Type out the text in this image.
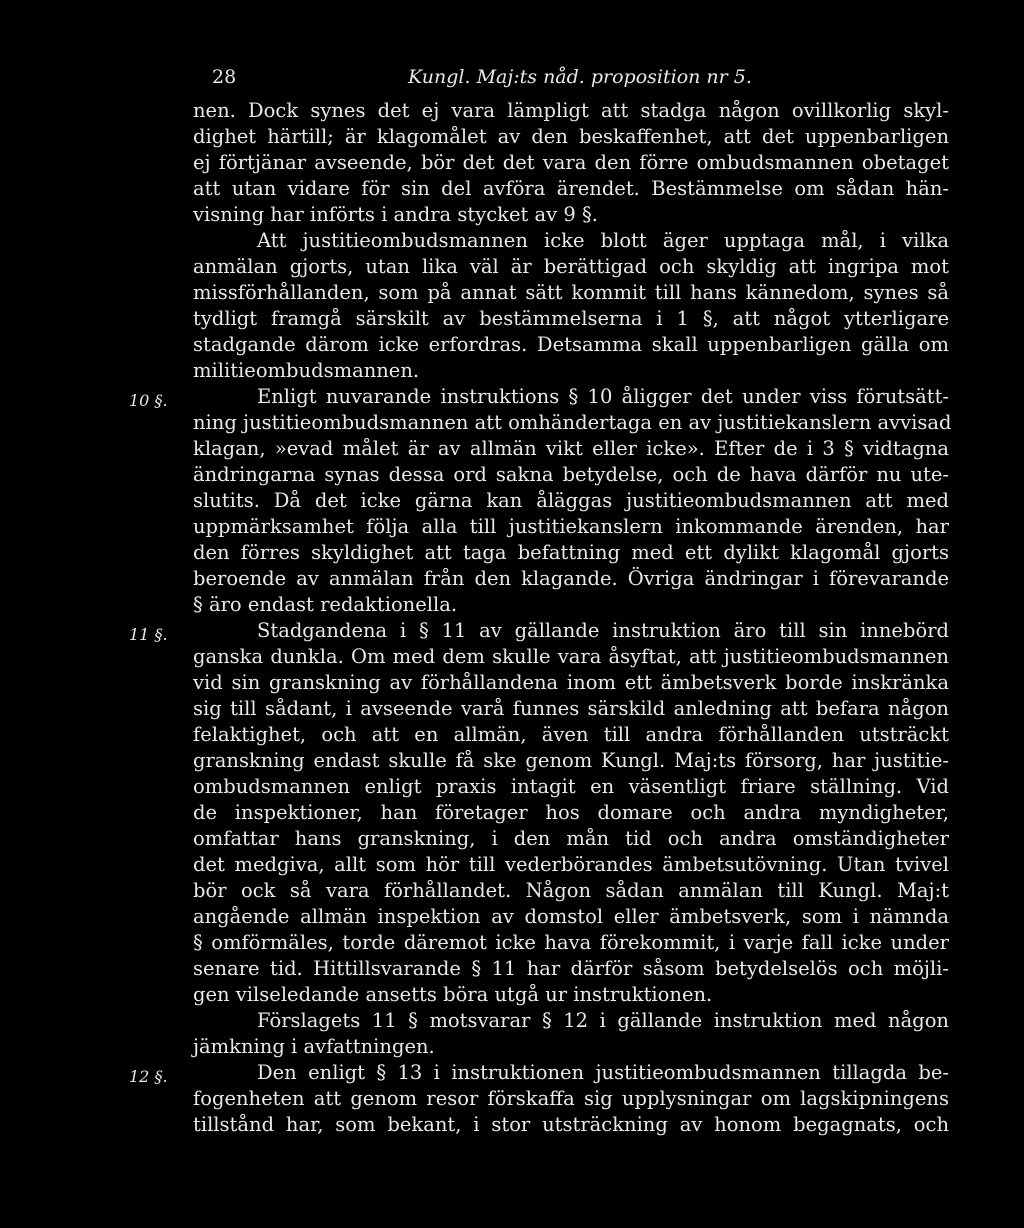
28	Kungl. Maj:ts nåd. proposition nr 5.
nen. Dock synes det ej vara lämpligt att stadga någon ovillkorlig skyl-
dighet härtill; är klagomålet av den beskaffenhet, att det uppenbarligen
ej förtjänar avseende, bör det det vara den förre ombudsmannen obetaget
att utan vidare för sin del avföra ärendet. Bestämmelse om sådan hän-
visning har införts i andra stycket av 9 §.
Att justitieombudsmannen icke blott äger upptaga mål, i vilka
anmälan gjorts, utan lika väl är berättigad och skyldig att ingripa mot
missförhållanden, som på annat sätt kommit till hans kännedom, synes så
tydligt framgå särskilt av bestämmelserna i 1 §, att något ytterligare
stadgande därom icke erfordras. Detsamma skall uppenbarligen gälla om
militieombudsmannen.
Enligt nuvarande instruktions § 10 åligger det under viss förutsätt-
ning justitieombudsmannen att omhändertaga en av justitiekanslern avvisad
klagan, »evad målet är av allmän vikt eller icke». Efter de i 3 § vidtagna
ändringarna synas dessa ord sakna betydelse, och de hava därför nu ute-
slutits. Då det icke gärna kan åläggas justitieombudsmannen att med
uppmärksamhet följa alla till justitiekanslern inkommande ärenden, har
den förres skyldighet att taga befattning med ett dylikt klagomål gjorts
beroende av anmälan från den klagande. Övriga ändringar i förevarande
§ äro endast redaktionella.
Stadgandena i § 11 av gällande instruktion äro till sin innebörd
ganska dunkla. Om med dem skulle vara åsyftat, att justitieombudsmannen
vid sin granskning av förhållandena inom ett ämbetsverk borde inskränka
sig till sådant, i avseende varå funnes särskild anledning att befara någon
felaktighet, och att en allmän, även till andra förhållanden utsträckt
granskning endast skulle få ske genom Kungl. Maj:ts försorg, har justitie-
ombudsmannen enligt praxis intagit en väsentligt friare ställning. Vid
de inspektioner, han företager hos domare och andra myndigheter,
omfattar hans granskning, i den mån tid och andra omständigheter
det medgiva, allt som hör till vederbörandes ämbetsutövning. Utan tvivel
bör ock så vara förhållandet. Någon sådan anmälan till Kungl. Maj:t
angående allmän inspektion av domstol eller ämbetsverk, som i nämnda
§ omförmäles, torde däremot icke hava förekommit, i varje fall icke under
senare tid. Hittillsvarande § 11 har därför såsom betydelselös och möjli-
gen vilseledande ansetts böra utgå ur instruktionen.
Förslagets 11 § motsvarar § 12 i gällande instruktion med någon
jämkning i avfattningen.
Den enligt § 13 i instruktionen justitieombudsmannen tillagda be-
fogenheten att genom resor förskaffa sig upplysningar om lagskipningens
tillstånd har, som bekant, i stor utsträckning av honom begagnats, och
10 §.
11 §.
12 §.
